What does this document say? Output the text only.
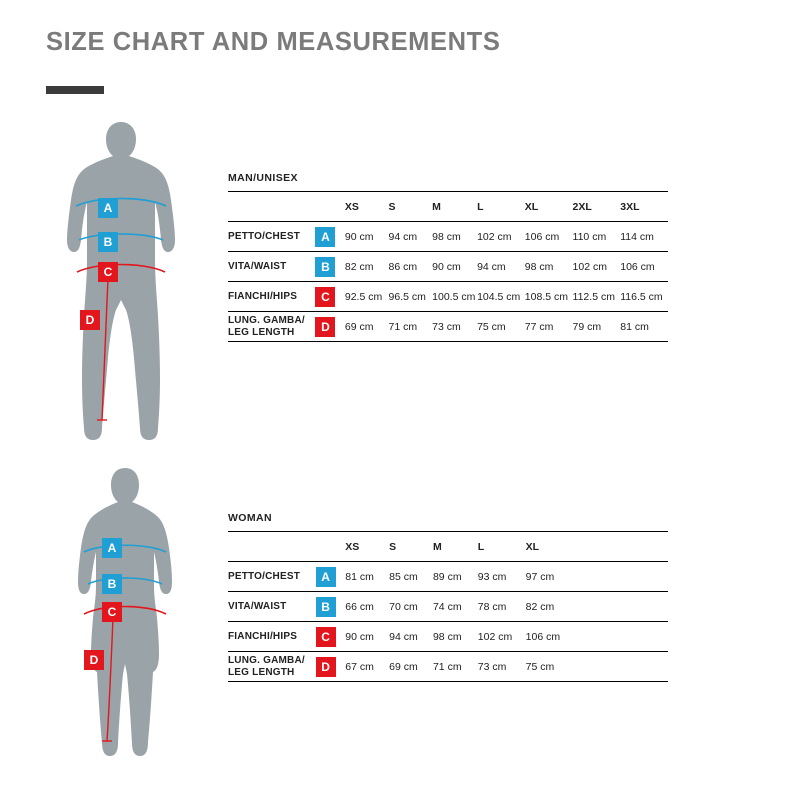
SIZE CHART AND MEASUREMENTS
A
B
C
D
MAN/UNISEX
		XS	S	M	L	XL	2XL	3XL

PETTO/CHEST	A	90 cm	94 cm	98 cm	102 cm	106 cm	110 cm	114 cm

VITA/WAIST	B	82 cm	86 cm	90 cm	94 cm	98 cm	102 cm	106 cm

FIANCHI/HIPS	C	92.5 cm	96.5 cm	100.5 cm	104.5 cm	108.5 cm	112.5 cm	116.5 cm

LUNG. GAMBA/
LEG LENGTH	D	69 cm	71 cm	73 cm	75 cm	77 cm	79 cm	81 cm
A
B
C
D
WOMAN
		XS	S	M	L	XL		

PETTO/CHEST	A	81 cm	85 cm	89 cm	93 cm	97 cm		

VITA/WAIST	B	66 cm	70 cm	74 cm	78 cm	82 cm		

FIANCHI/HIPS	C	90 cm	94 cm	98 cm	102 cm	106 cm		

LUNG. GAMBA/
LEG LENGTH	D	67 cm	69 cm	71 cm	73 cm	75 cm		
